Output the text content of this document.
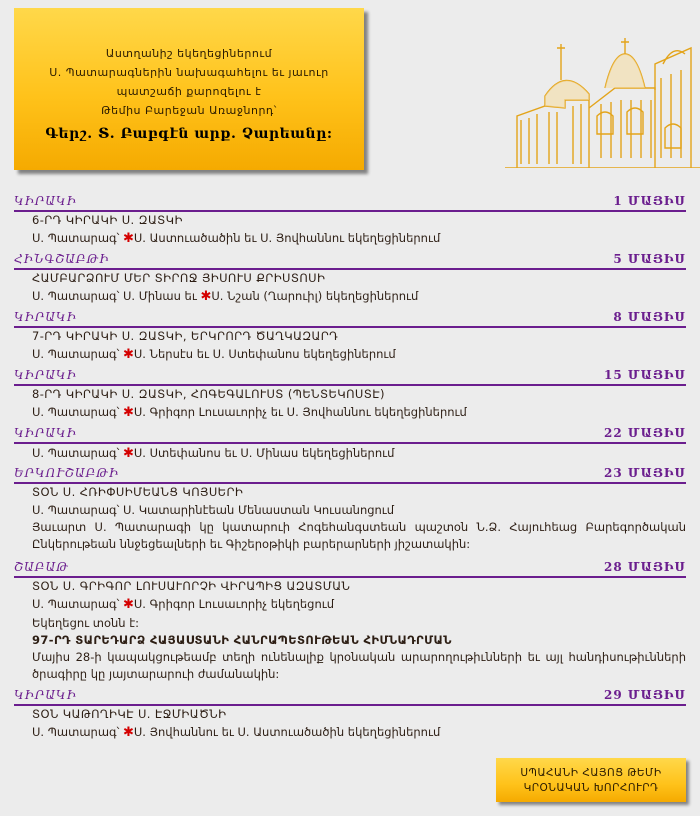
Աստղանիշ եկեղեցիներում
Ս. Պատարագներին նախագահելու եւ յաւուր
պատշաճի քարոզելու է
Թեմիս Բարեջան Առաջնորդ՝
Գերշ. Տ. Բաբգէն արք. Չարեանը:
ԿԻՐԱԿԻ	1 ՄԱՅԻՍ
6-ՐԴ ԿԻՐԱԿԻ Ս. ԶԱՏԿԻ
Ս. Պատարագ՝ ✱Ս. Աստուածածին եւ Ս. Յովհաննու եկեղեցիներում
ՀԻՆԳՇԱԲԹԻ	5 ՄԱՅԻՍ
ՀԱՄԲԱՐՁՈՒՄ ՄԵՐ ՏԻՐՈՋ ՅԻՍՈՒՍ ՔՐԻՍՏՈՍԻ
Ս. Պատարագ՝ Ս. Մինաս եւ ✱Ս. Նշան (Ղարուիլ) եկեղեցիներում
ԿԻՐԱԿԻ	8 ՄԱՅԻՍ
7-ՐԴ ԿԻՐԱԿԻ Ս. ԶԱՏԿԻ, ԵՐԿՐՈՐԴ ԾԱՂԿԱԶԱՐԴ
Ս. Պատարագ՝ ✱Ս. Ներսէս եւ Ս. Ստեփանոս եկեղեցիներում
ԿԻՐԱԿԻ	15 ՄԱՅԻՍ
8-ՐԴ ԿԻՐԱԿԻ Ս. ԶԱՏԿԻ, ՀՈԳԵԳԱԼՈՒՍՏ (ՊԵՆՏԵԿՈՍՏԷ)
Ս. Պատարագ՝ ✱Ս. Գրիգոր Լուսաւորիչ եւ Ս. Յովհաննու եկեղեցիներում
ԿԻՐԱԿԻ	22 ՄԱՅԻՍ
Ս. Պատարագ՝ ✱Ս. Ստեփանոս եւ Ս. Մինաս եկեղեցիներում
ԵՐԿՈՒՇԱԲԹԻ	23 ՄԱՅԻՍ
ՏՕՆ Ս. ՀՌԻՓՍԻՄԵԱՆՑ ԿՈՅՍԵՐԻ
Ս. Պատարագ՝ Ս. Կատարինէեան Մենաստան Կուսանոցում
Յաւարտ Ս. Պատարագի կը կատարուի Հոգեհանգստեան պաշտօն Ն.Ձ. Հայուհեաց Բարեգործական Ընկերութեան ննջեցեալների եւ Գիշերօթիկի բարերարների յիշատակին:
ՇԱԲԱԹ	28 ՄԱՅԻՍ
ՏՕՆ Ս. ԳՐԻԳՈՐ ԼՈՒՍԱՒՈՐՉԻ ՎԻՐԱՊԻՑ ԱԶԱՏՄԱՆ
Ս. Պատարագ՝ ✱Ս. Գրիգոր Լուսաւորիչ եկեղեցում
Եկեղեցու տօնն է:
97-ՐԴ ՏԱՐԵԴԱՐՁ ՀԱՅԱՍՏԱՆԻ ՀԱՆՐԱՊԵՏՈՒԹԵԱՆ ՀԻՄՆԱԴՐՄԱՆ
Մայիս 28-ի կապակցութեամբ տեղի ունենալիք կրօնական արարողութիւնների եւ այլ հանդիսութիւնների ծրագիրը կը յայտարարուի ժամանակին:
ԿԻՐԱԿԻ	29 ՄԱՅԻՍ
ՏՕՆ ԿԱԹՈՂԻԿԷ Ս. ԷՋՄԻԱԾՆԻ
Ս. Պատարագ՝ ✱Ս. Յովհաննու եւ Ս. Աստուածածին եկեղեցիներում
ՍՊԱՀԱՆԻ ՀԱՅՈՑ ԹԵՄԻ
ԿՐՕՆԱԿԱՆ ԽՈՐՀՈՒՐԴ
